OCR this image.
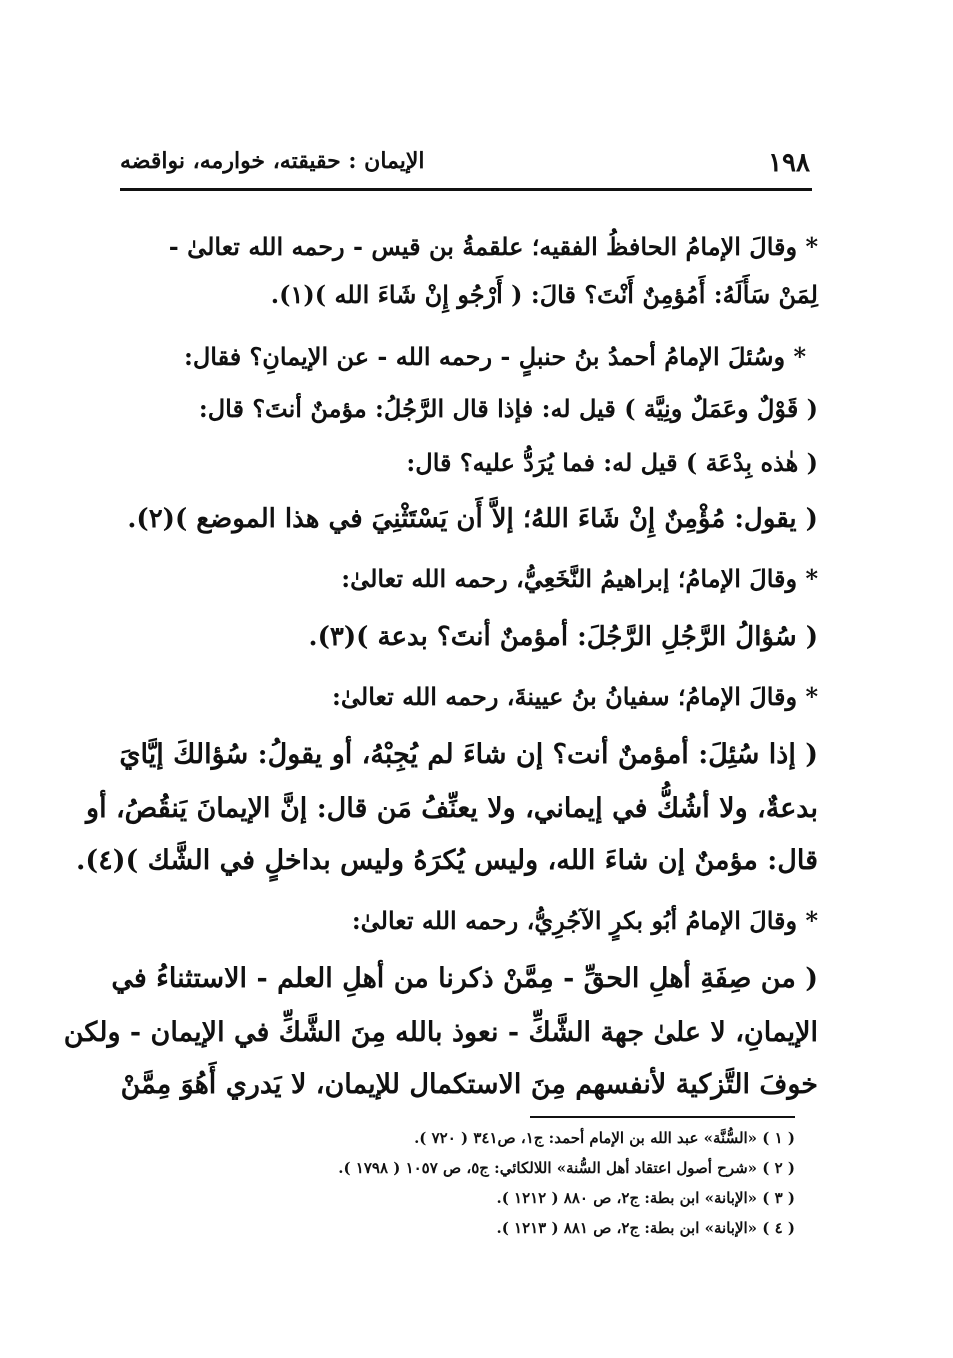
١٩٨
الإيمان : حقيقته، خوارمه، نواقضه
* وقالَ الإمامُ الحافظُ الفقيه؛ علقمةُ بن قيس - رحمه الله تعالىٰ -
لِمَنْ سَأَلَهُ: أَمُؤمِنٌ أَنْتَ؟ قالَ: ( أَرْجُو إِنْ شَاءَ الله )(١).
* وسُئلَ الإمامُ أحمدُ بنُ حنبلٍ - رحمه الله - عن الإيمانِ؟ فقال:
( قَوْلٌ وعَمَلٌ ونِيَّة ) قيل له: فإذا قال الرَّجُلُ: مؤمنٌ أنتَ؟ قال:
( هٰذه بِدْعَة ) قيل له: فما يُرَدُّ عليه؟ قال:
( يقول: مُؤْمِنٌ إِنْ شَاءَ اللهُ؛ إلاَّ أَن يَسْتَثْنِيَ في هذا الموضع )(٢).
* وقالَ الإمامُ؛ إبراهيمُ النَّخَعِيُّ، رحمه الله تعالىٰ:
( سُؤالُ الرَّجُلِ الرَّجُلَ: أمؤمنٌ أنتَ؟ بدعة )(٣).
* وقالَ الإمامُ؛ سفيانُ بنُ عيينةَ، رحمه الله تعالىٰ:
( إذا سُئِلَ: أمؤمنٌ أنت؟ إن شاءَ لم يُجِبْهُ، أو يقولُ: سُؤالكَ إيَّايَ
بدعةٌ، ولا أشُكُّ في إيماني، ولا يعنِّفُ مَن قال: إنَّ الإيمانَ يَنقُصُ، أو
قال: مؤمنٌ إن شاءَ الله، وليس يُكرَهُ وليس بداخلٍ في الشَّك )(٤).
* وقالَ الإمامُ أبُو بكرٍ الآجُرِيُّ، رحمه الله تعالىٰ:
( من صِفَةِ أهلِ الحقِّ - مِمَّنْ ذكرنا من أهلِ العلم - الاستثناءُ في
الإيمانِ، لا علىٰ جهة الشَّكِّ - نعوذ بالله مِنَ الشَّكِّ في الإيمان - ولكن
خوفَ التَّزكية لأنفسهم مِنَ الاستكمال للإيمان، لا يَدري أَهُوَ مِمَّنْ
( ١ ) «السُّنَّة» عبد الله بن الإمام أحمد: ج١، ص٣٤١ ( ٧٢٠ ).
( ٢ ) «شرح أصول اعتقاد أهل السُّنة» اللالكائي: ج٥، ص ١٠٥٧ ( ١٧٩٨ ).
( ٣ ) «الإبانة» ابن بطة: ج٢، ص ٨٨٠ ( ١٢١٢ ).
( ٤ ) «الإبانة» ابن بطة: ج٢، ص ٨٨١ ( ١٢١٣ ).
